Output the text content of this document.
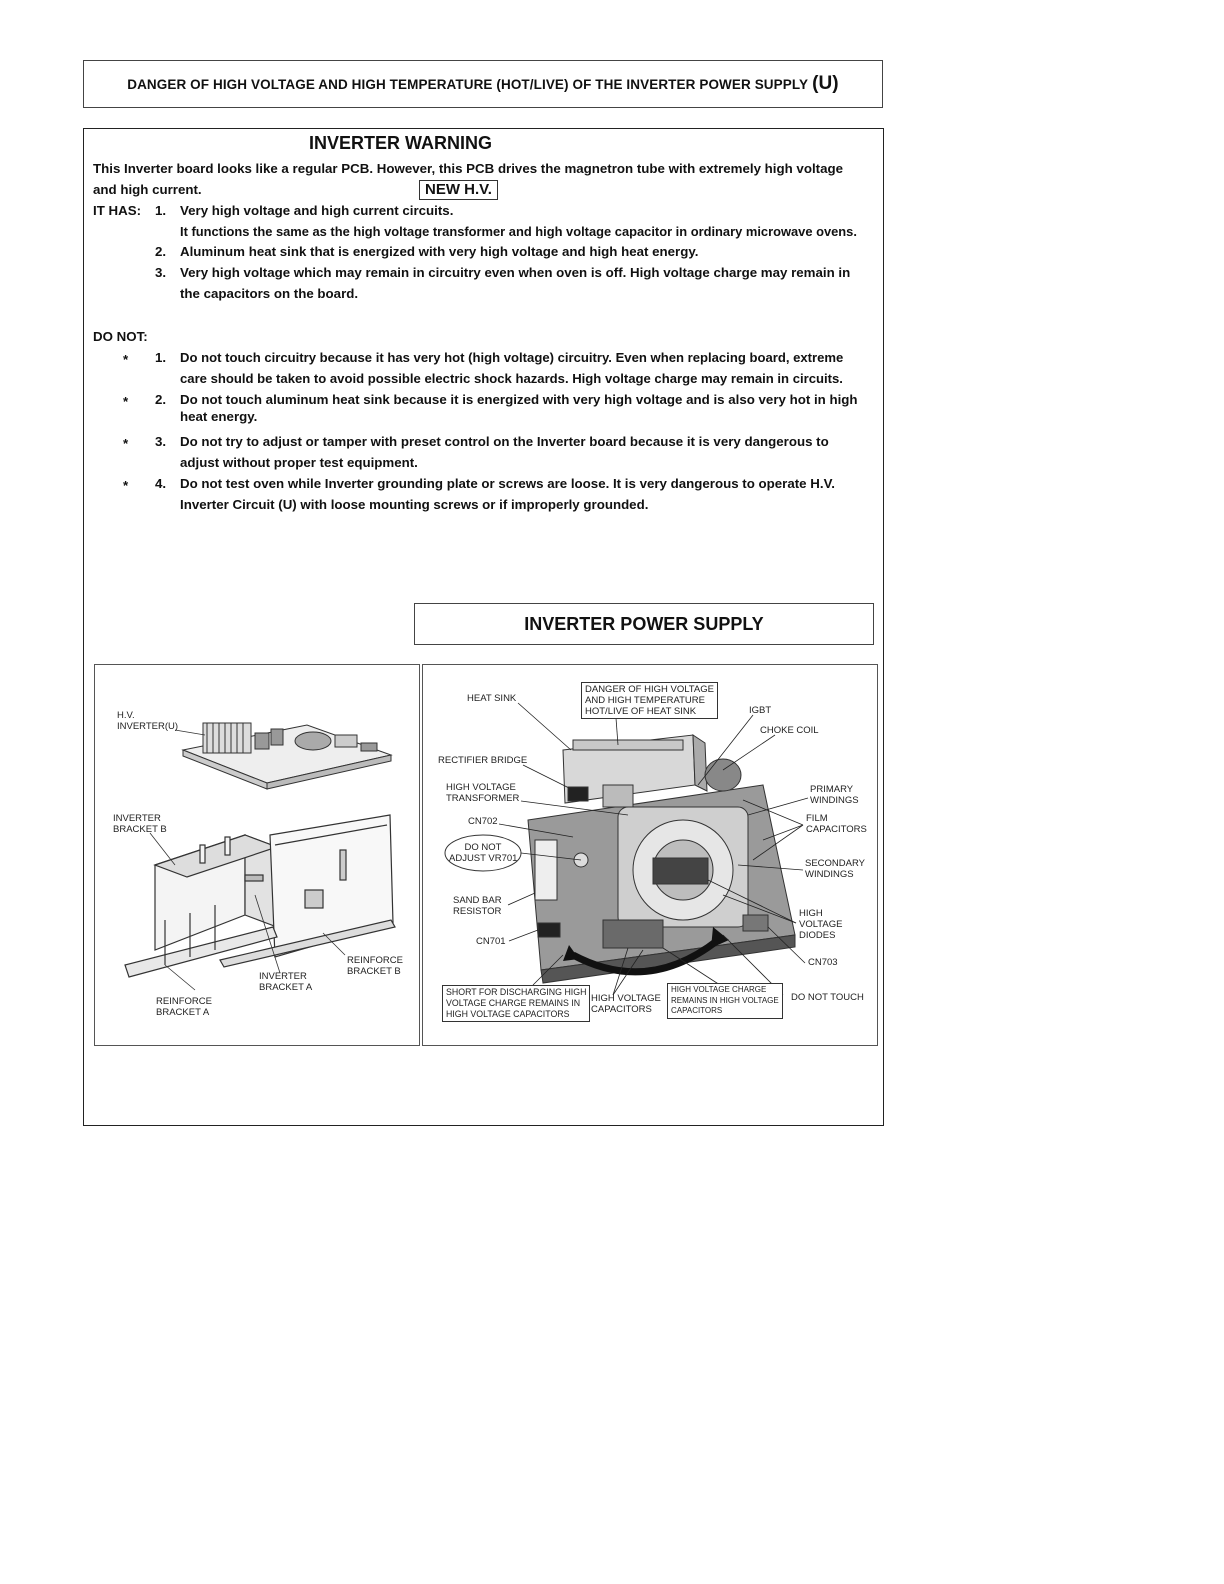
DANGER OF HIGH VOLTAGE AND HIGH TEMPERATURE (HOT/LIVE) OF THE INVERTER POWER SUPPLY (U)
INVERTER WARNING
This Inverter board looks like a regular PCB. However, this PCB drives the magnetron tube with extremely high voltage
and high current.	NEW H.V.
IT HAS: 1. Very high voltage and high current circuits.
It functions the same as the high voltage transformer and high voltage capacitor in ordinary microwave ovens.
2. Aluminum heat sink that is energized with very high voltage and high heat energy.
3. Very high voltage which may remain in circuitry even when oven is off. High voltage charge may remain in
the capacitors on the board.
DO NOT:
* 1. Do not touch circuitry because it has very hot (high voltage) circuitry. Even when replacing board, extreme
care should be taken to avoid possible electric shock hazards. High voltage charge may remain in circuits.
* 2. Do not touch aluminum heat sink because it is energized with very high voltage and is also very hot in high
heat energy.
* 3. Do not try to adjust or tamper with preset control on the Inverter board because it is very dangerous to
adjust without proper test equipment.
* 4. Do not test oven while Inverter grounding plate or screws are loose. It is very dangerous to operate H.V.
Inverter Circuit (U) with loose mounting screws or if improperly grounded.
INVERTER POWER SUPPLY
H.V.
INVERTER(U)
INVERTER
BRACKET B
REINFORCE
BRACKET B
INVERTER
BRACKET A
REINFORCE
BRACKET A
HEAT SINK
DANGER OF HIGH VOLTAGE
AND HIGH TEMPERATURE
HOT/LIVE OF HEAT SINK	IGBT
CHOKE COIL
RECTIFIER BRIDGE
HIGH VOLTAGE
TRANSFORMER
PRIMARY
WINDINGS
CN702	FILM
CAPACITORS
DO NOT
ADJUST VR701	SECONDARY
WINDINGS
SAND BAR
RESISTOR	HIGH
VOLTAGE
DIODES
CN701
CN703
SHORT FOR DISCHARGING HIGH
VOLTAGE CHARGE REMAINS IN
HIGH VOLTAGE CAPACITORS
HIGH VOLTAGE
CAPACITORS
HIGH VOLTAGE CHARGE
REMAINS IN HIGH VOLTAGE
CAPACITORS
DO NOT TOUCH
